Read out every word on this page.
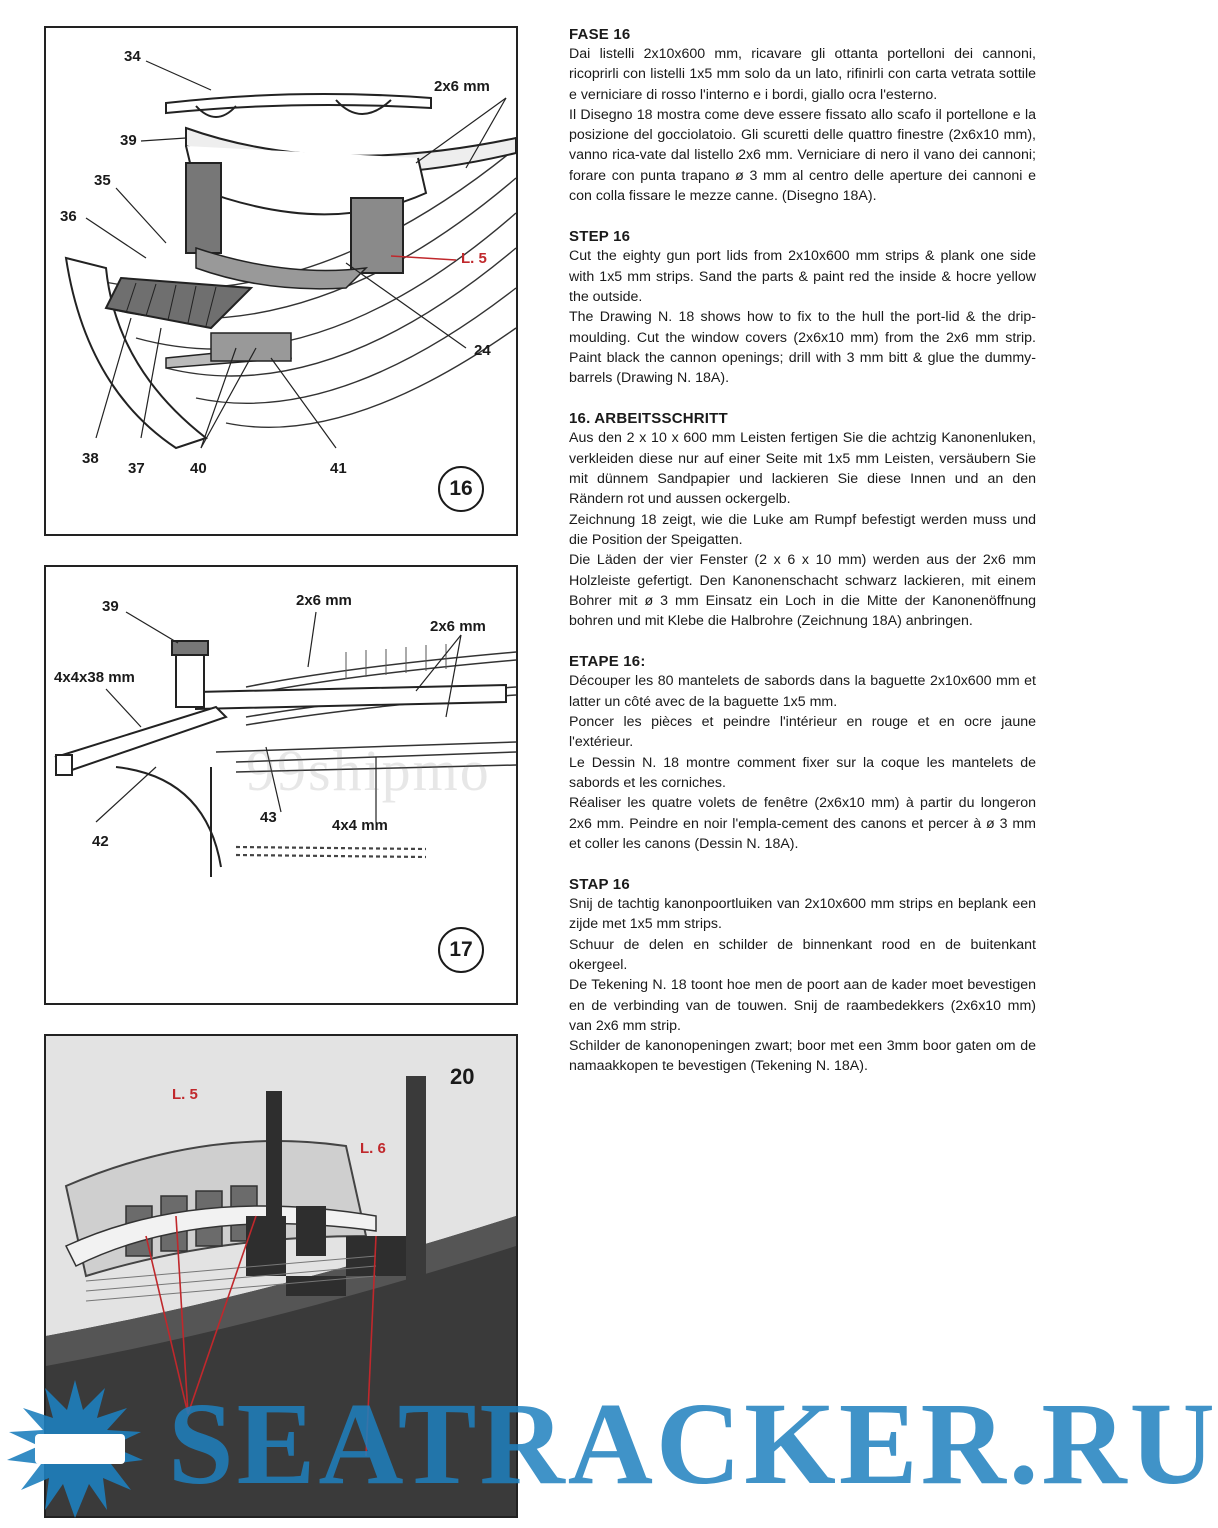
34
39
35
36
2x6 mm
L. 5
24
38
37	40	41
16
99shipmo
39	2x6 mm
2x6 mm
4x4x38 mm
42
43	4x4 mm
17
20
L. 5
L. 6
FASE 16

Dai listelli 2x10x600 mm, ricavare gli ottanta portelloni dei cannoni, ricoprirli con listelli 1x5 mm solo da un lato, rifinirli con carta vetrata sottile e verniciare di rosso l'interno e i bordi, giallo ocra l'esterno.

Il Disegno 18 mostra come deve essere fissato allo scafo il portellone e la posizione del gocciolatoio. Gli scuretti delle quattro finestre (2x6x10 mm), vanno rica-vate dal listello 2x6 mm. Verniciare di nero il vano dei cannoni; forare con punta trapano ø 3 mm al centro delle aperture dei cannoni e con colla fissare le mezze canne. (Disegno 18A).

STEP 16

Cut the eighty gun port lids from 2x10x600 mm strips & plank one side with 1x5 mm strips. Sand the parts & paint red the inside & hocre yellow the outside.

The Drawing N. 18 shows how to fix to the hull the port-lid & the drip-moulding. Cut the window covers (2x6x10 mm) from the 2x6 mm strip. Paint black the cannon openings; drill with 3 mm bitt & glue the dummy-barrels (Drawing N. 18A).

16. ARBEITSSCHRITT

Aus den 2 x 10 x 600 mm Leisten fertigen Sie die achtzig Kanonenluken, verkleiden diese nur auf einer Seite mit 1x5 mm Leisten, versäubern Sie mit dünnem Sandpapier und lackieren Sie diese Innen und an den Rändern rot und aussen ockergelb.

Zeichnung 18 zeigt, wie die Luke am Rumpf befestigt werden muss und die Position der Speigatten.

Die Läden der vier Fenster (2 x 6 x 10 mm) werden aus der 2x6 mm Holzleiste gefertigt. Den Kanonenschacht schwarz lackieren, mit einem Bohrer mit ø 3 mm Einsatz ein Loch in die Mitte der Kanonenöffnung bohren und mit Klebe die Halbrohre (Zeichnung 18A) anbringen.

ETAPE 16:

Découper les 80 mantelets de sabords dans la baguette 2x10x600 mm et latter un côté avec de la baguette 1x5 mm.

Poncer les pièces et peindre l'intérieur en rouge et en ocre jaune l'extérieur.

Le Dessin N. 18 montre comment fixer sur la coque les mantelets de sabords et les corniches.

Réaliser les quatre volets de fenêtre (2x6x10 mm) à partir du longeron 2x6 mm. Peindre en noir l'empla-cement des canons et percer à ø 3 mm et coller les canons (Dessin N. 18A).

STAP 16

Snij de tachtig kanonpoortluiken van 2x10x600 mm strips en beplank een zijde met 1x5 mm strips.

Schuur de delen en schilder de binnenkant rood en de buitenkant okergeel.

De Tekening N. 18 toont hoe men de poort aan de kader moet bevestigen en de verbinding van de touwen. Snij de raambedekkers (2x6x10 mm) van 2x6 mm strip.

Schilder de kanonopeningen zwart; boor met een 3mm boor gaten om de namaakkopen te bevestigen (Tekening N. 18A).

SEATRACKER.RU
